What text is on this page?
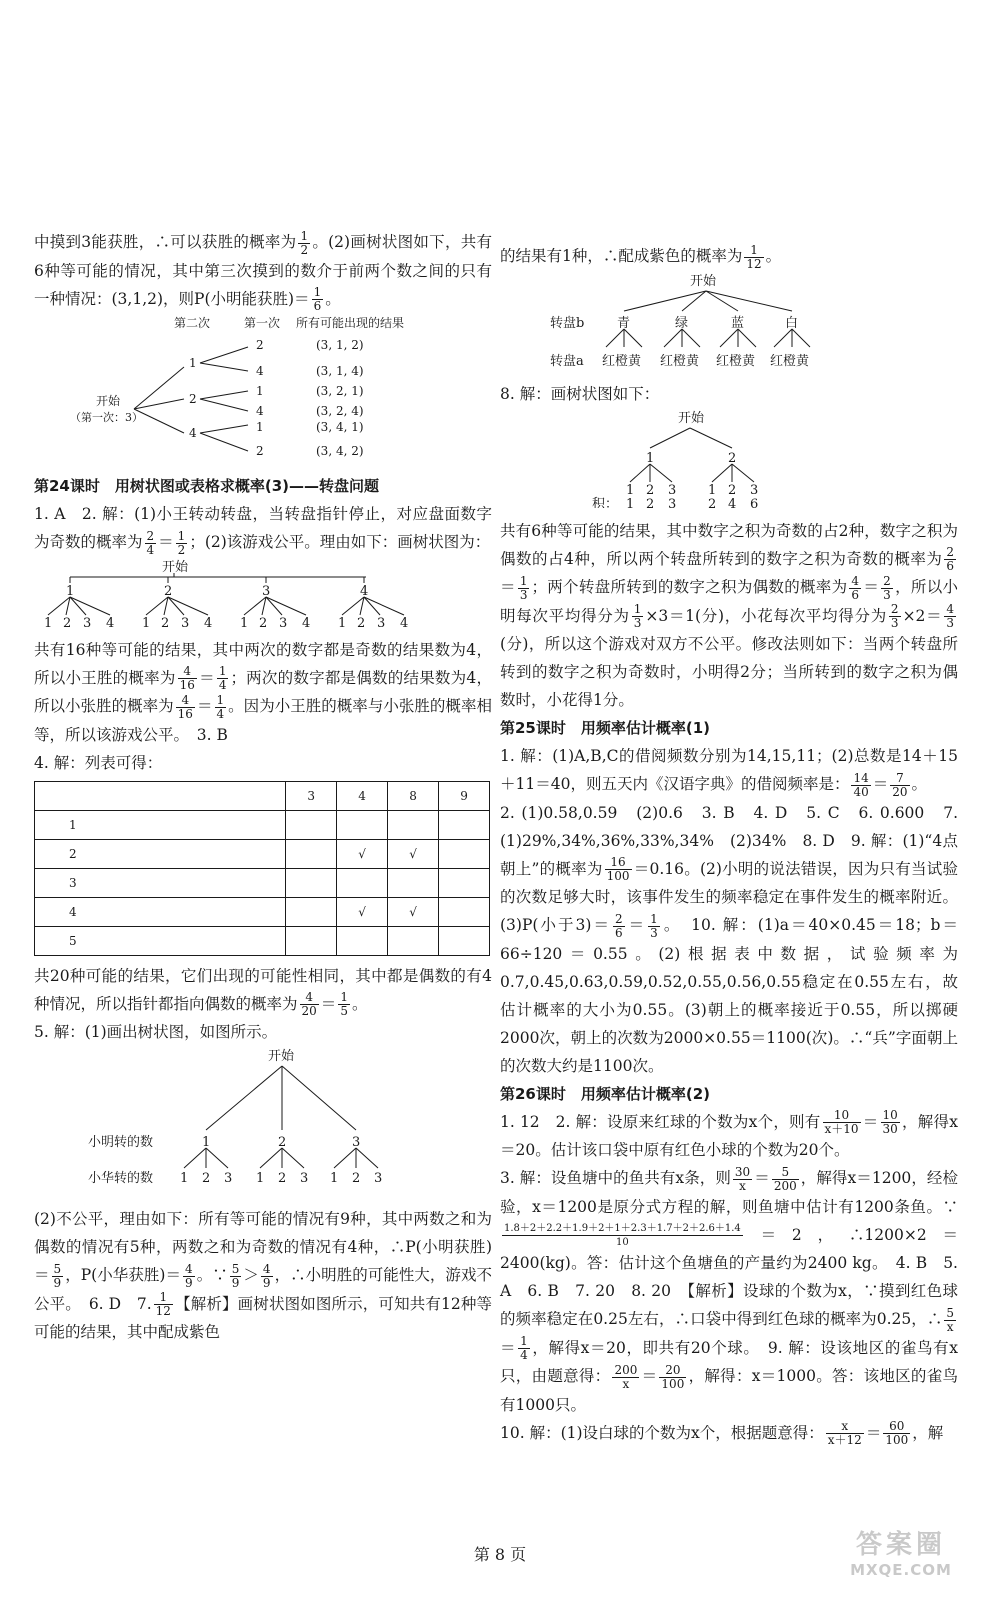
中摸到3能获胜，∴可以获胜的概率为 $\frac{1}{2}$ 。(2)画树状图如下，共有6种等可能的情况，其中第三次摸到的数介于前两个数之间的只有一种情况：(3,1,2)，则P(小明能获胜)＝ $\frac{1}{6}$ 。

第二次	第一次 所有可能出现的结果
开始
（第一次：3）
1
2
4
2
4
1
4
1
2
(3, 1, 2)
(3, 1, 4)
(3, 2, 1)
(3, 2, 4)
(3, 4, 1)
(3, 4, 2)

第24课时　用树状图或表格求概率(3)——转盘问题

1. A　2. 解：(1)小王转动转盘，当转盘指针停止，对应盘面数字为奇数的概率为 $\frac{2}{4} = \frac{1}{2}$ ；(2)该游戏公平。理由如下：画树状图为：

开始
1	2	3	4
1 2 3 4 1 2 3 4 1 2 3 4 1 2 3 4

共有16种等可能的结果，其中两次的数字都是奇数的结果数为4，所以小王胜的概率为 $\frac{4}{16} = \frac{1}{4}$ ；两次的数字都是偶数的结果数为4，所以小张胜的概率为 $\frac{4}{16} = \frac{1}{4}$ 。因为小王胜的概率与小张胜的概率相等，所以该游戏公平。　3. B

4. 解：列表可得：

	3	4	8	9
1				
2		√	√	
3				
4		√	√	
5				

共20种可能的结果，它们出现的可能性相同，其中都是偶数的有4种情况，所以指针都指向偶数的概率为 $\frac{4}{20} = \frac{1}{5}$ 。

5. 解：(1)画出树状图，如图所示。

开始
小明转的数
小华转的数
1	2	3
1 2 3 1 2 3 1 2 3

(2)不公平，理由如下：所有等可能的情况有9种，其中两数之和为偶数的情况有5种，两数之和为奇数的情况有4种，∴P(小明获胜)＝ $\frac{5}{9}$ ，P(小华获胜)＝ $\frac{4}{9}$ 。∵ $\frac{5}{9} > \frac{4}{9}$ ，∴小明胜的可能性大，游戏不公平。　6. D　7. $\frac{1}{12}$ 【解析】画树状图如图所示，可知共有12种等可能的结果，其中配成紫色

的结果有1种，∴配成紫色的概率为 $\frac{1}{12}$ 。

开始
转盘b
转盘a
青	绿	蓝	白
红橙黄 红橙黄 红橙黄 红橙黄

8. 解：画树状图如下：

开始
1	2
1 2 3 1 2 3
积： 1 2 3 2 4 6

共有6种等可能的结果，其中数字之积为奇数的占2种，数字之积为偶数的占4种，所以两个转盘所转到的数字之积为奇数的概率为 $\frac{2}{6}$
＝ $\frac{1}{3}$ ；两个转盘所转到的数字之积为偶数的概率为 $\frac{4}{6} = \frac{2}{3}$ ，所以小明每次平均得分为 $\frac{1}{3} \times 3=1$(分)，小花每次平均得分为 $\frac{2}{3} \times 2= \frac{4}{3}$
(分)，所以这个游戏对双方不公平。修改法则如下：当两个转盘所转到的数字之积为奇数时，小明得2分；当所转到的数字之积为偶数时，小花得1分。

第25课时　用频率估计概率(1)

1. 解：(1)A,B,C的借阅频数分别为14,15,11；(2)总数是14＋15＋11＝40，则五天内《汉语字典》的借阅频率是： $\frac{14}{40} = \frac{7}{20}$ 。

2. (1)0.58,0.59　(2)0.6　3. B　4. D　5. C　6. 0.600　7. (1)29%,34%,36%,33%,34%　(2)34%　8. D　9. 解：(1)“4点朝上”的概率为 $\frac{16}{100} =0.16$。(2)小明的说法错误，因为只有当试验的次数足够大时，该事件发生的频率稳定在事件发生的概率附近。(3)P(小于$3)= \frac{2}{6} = \frac{1}{3}$ 。　10. 解：(1)a＝40×0.45＝18；b＝66÷120＝0.55。(2)根据表中数据，试验频率为0.7,0.45,0.63,0.59,0.52,0.55,0.56,0.55稳定在0.55左右，故估计概率的大小为0.55。(3)朝上的概率接近于0.55，所以掷硬2000次，朝上的次数为2000×0.55＝1100(次)。∴“兵”字面朝上的次数大约是1100次。

第26课时　用频率估计概率(2)

1. 12　2. 解：设原来红球的个数为x个，则有 $\frac{10}{x+10} = \frac{10}{30}$ ，解得x＝20。估计该口袋中原有红色小球的个数为20个。

3. 解：设鱼塘中的鱼共有x条，则 $\frac{30}{x} = \frac{5}{200}$ ，解得x＝1200，经检验，x＝1200是原分式方程的解，则鱼塘中估计有1200条鱼。∵
$\frac{1.8+2+2.2+1.9+2+1+2.3+1.7+2+2.6+1.4}{10} =2$，∴1200×2＝2400(kg)。答：估计这个鱼塘鱼的产量约为2400 kg。　4. B　5. A　6. B　7. 20　8. 20　【解析】设球的个数为x，∵摸到红色球的频率稳定在0.25左右，∴口袋中得到红色球的概率为0.25，∴ $\frac{5}{x}$
＝ $\frac{1}{4}$ ，解得x＝20，即共有20个球。　9. 解：设该地区的雀鸟有x只，由题意得： $\frac{200}{x} = \frac{20}{100}$ ，解得：x＝1000。答：该地区的雀鸟有1000只。

10. 解：(1)设白球的个数为x个，根据题意得： $\frac{x}{x+12} = \frac{60}{100}$ ，解

第 8 页	答案圈
MXQE.COM
